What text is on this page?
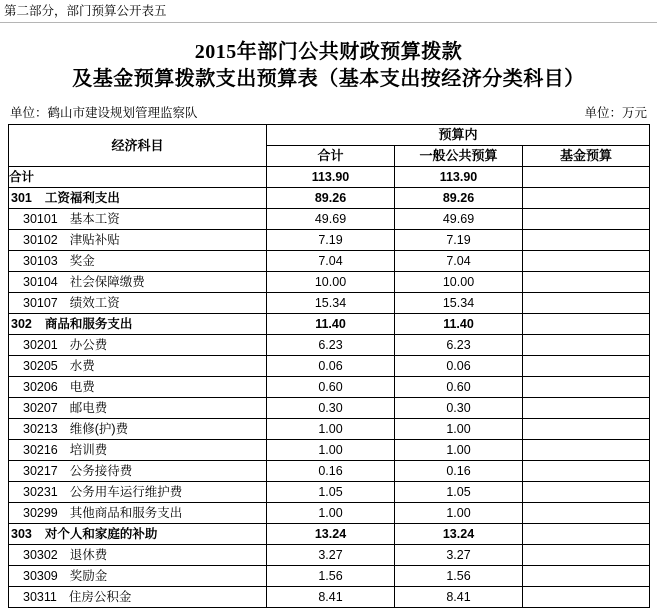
第二部分，部门预算公开表五
2015年部门公共财政预算拨款
及基金预算拨款支出预算表（基本支出按经济分类科目）
单位：鹤山市建设规划管理监察队	单位：万元
经济科目	预算内		
	合计	一般公共预算	基金预算
合计	113.90	113.90	
301 工资福利支出	89.26	89.26	
30101 基本工资	49.69	49.69	
30102 津贴补贴	7.19	7.19	
30103 奖金	7.04	7.04	
30104 社会保障缴费	10.00	10.00	
30107 绩效工资	15.34	15.34	
302 商品和服务支出	11.40	11.40	
30201 办公费	6.23	6.23	
30205 水费	0.06	0.06	
30206 电费	0.60	0.60	
30207 邮电费	0.30	0.30	
30213 维修(护)费	1.00	1.00	
30216 培训费	1.00	1.00	
30217 公务接待费	0.16	0.16	
30231 公务用车运行维护费	1.05	1.05	
30299 其他商品和服务支出	1.00	1.00	
303 对个人和家庭的补助	13.24	13.24	
30302 退休费	3.27	3.27	
30309 奖励金	1.56	1.56	
30311 住房公积金	8.41	8.41	
